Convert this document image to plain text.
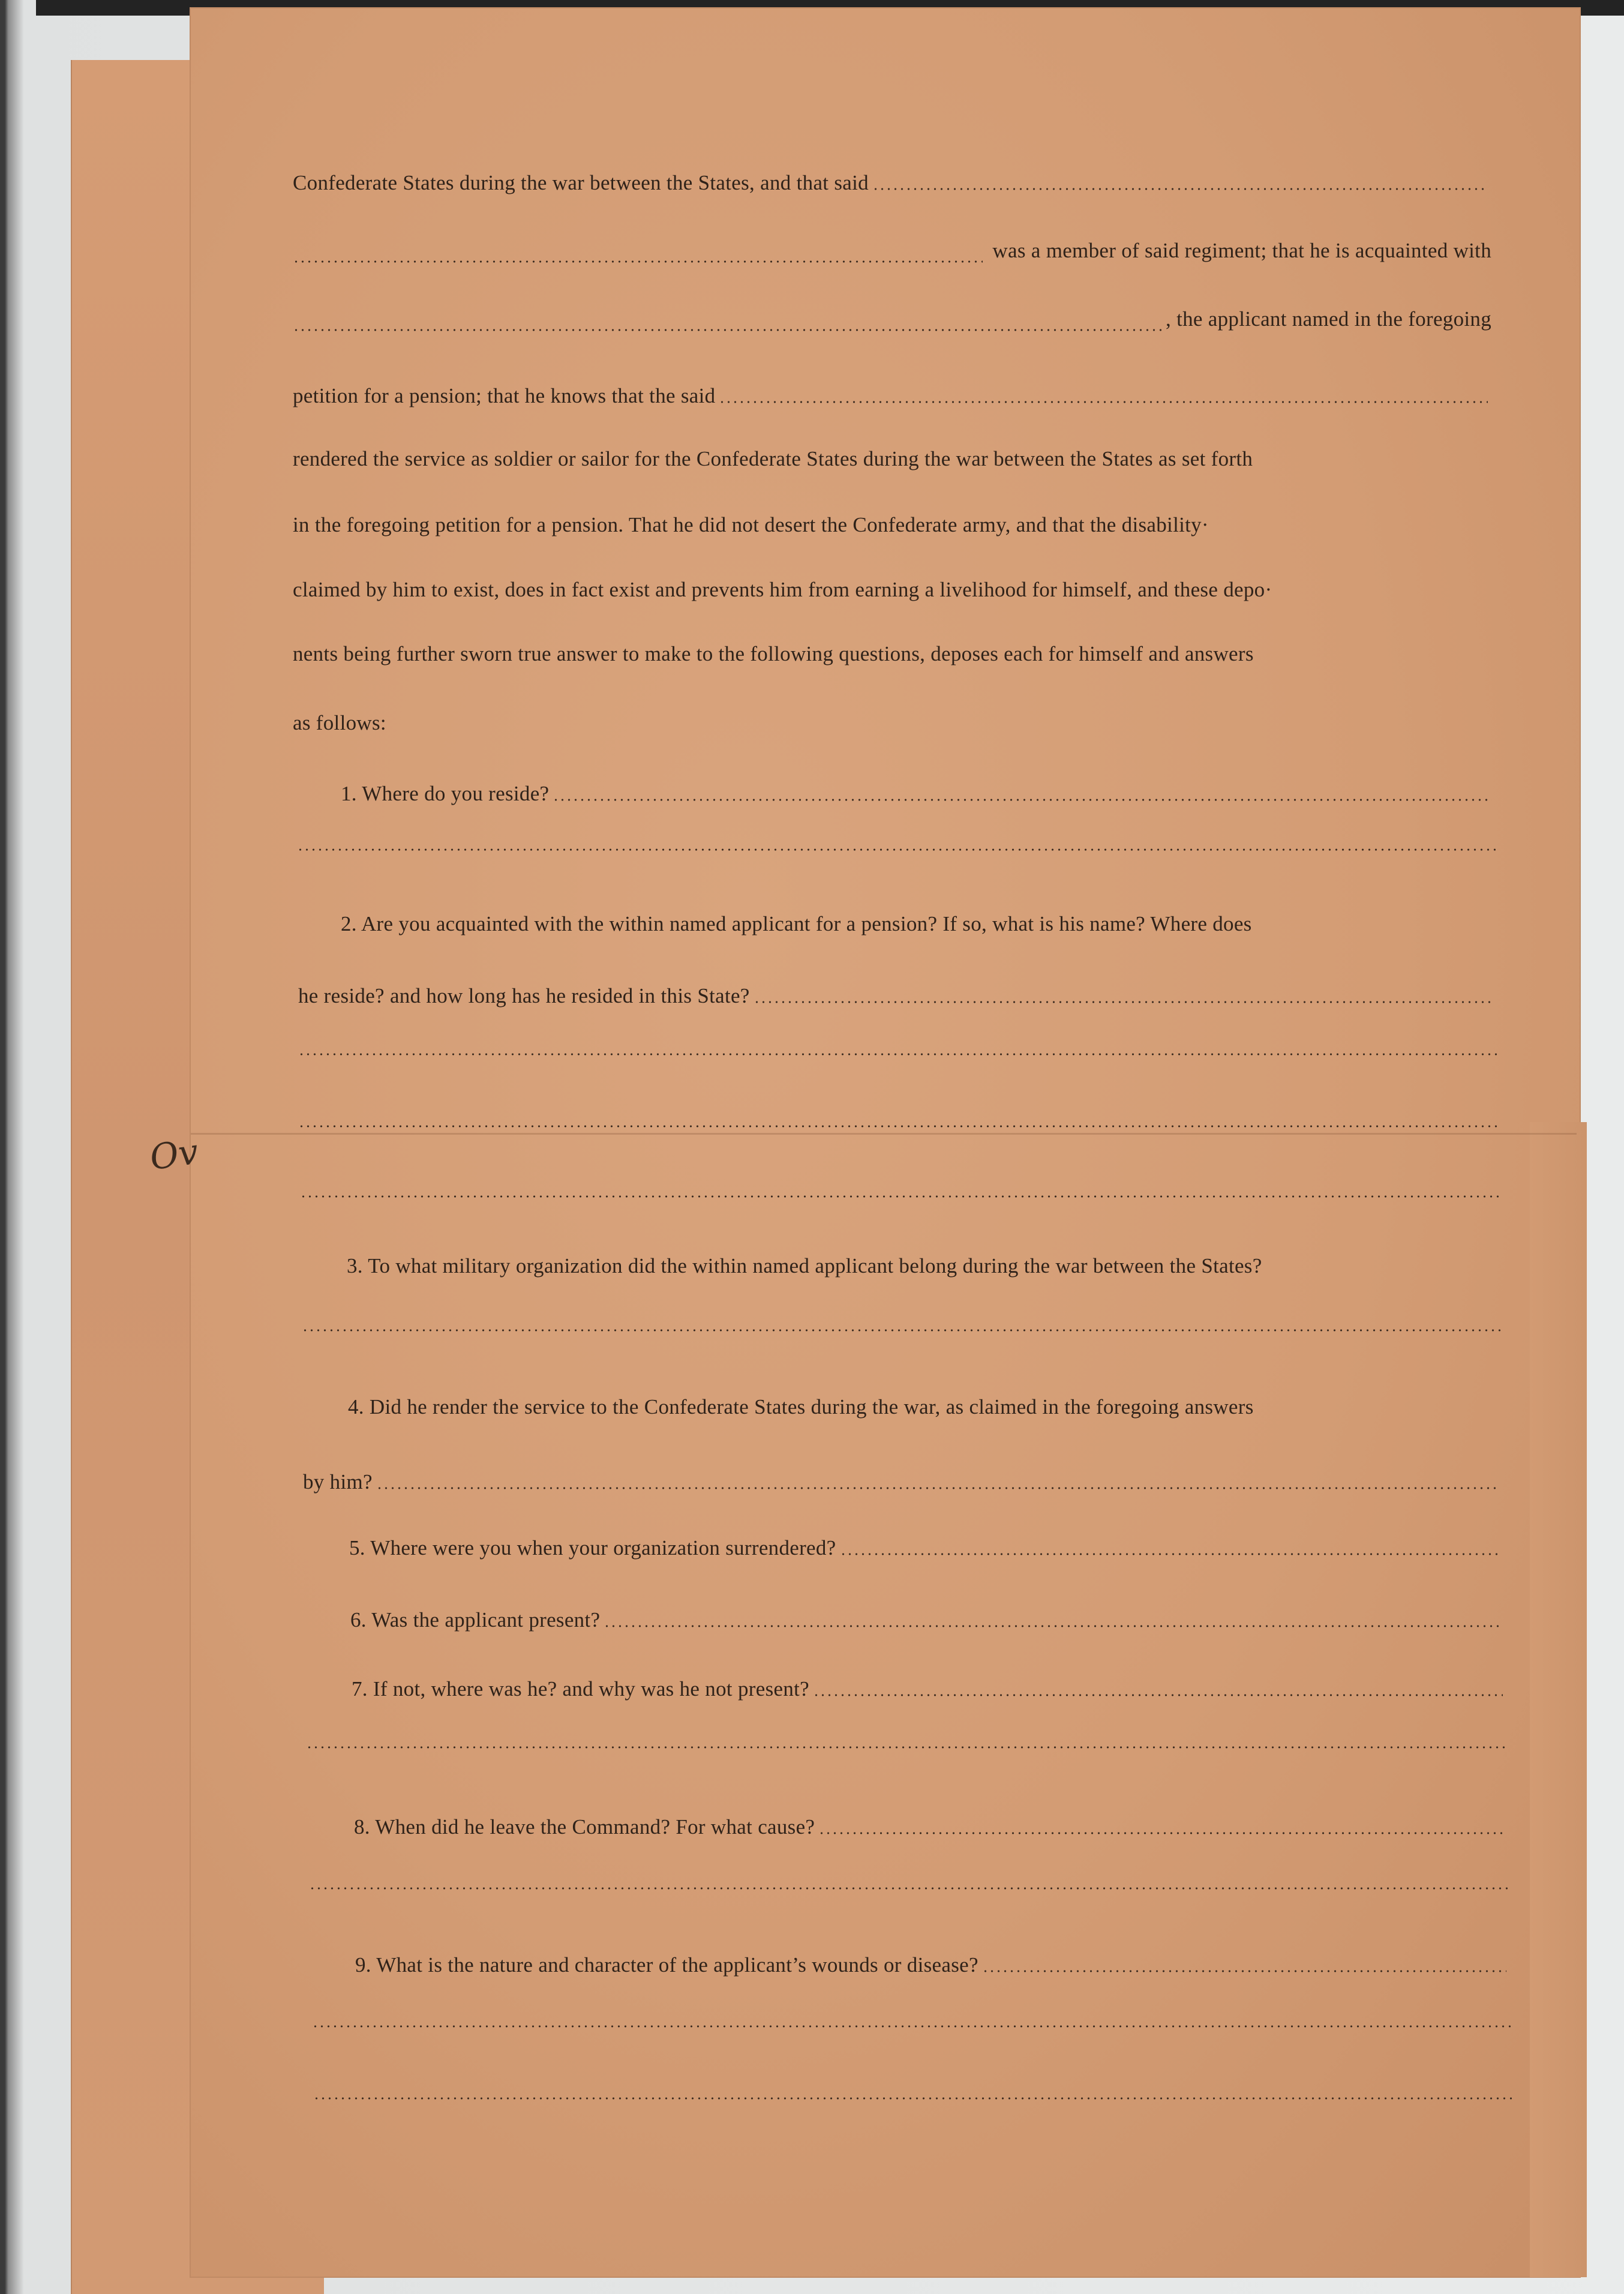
Ov
Confederate States during the war between the States, and that said
was a member of said regiment; that he is acquainted with
, the applicant named in the foregoing
petition for a pension; that he knows that the said
rendered the service as soldier or sailor for the Confederate States during the war between the States as set forth
in the foregoing petition for a pension. That he did not desert the Confederate army, and that the disability·
claimed by him to exist, does in fact exist and prevents him from earning a livelihood for himself, and these depo·
nents being further sworn true answer to make to the following questions, deposes each for himself and answers
as follows:
1. Where do you reside?
2. Are you acquainted with the within named applicant for a pension? If so, what is his name? Where does
he reside? and how long has he resided in this State?
3. To what military organization did the within named applicant belong during the war between the States?
4. Did he render the service to the Confederate States during the war, as claimed in the foregoing answers
by him?
5. Where were you when your organization surrendered?
6. Was the applicant present?
7. If not, where was he? and why was he not present?
8. When did he leave the Command? For what cause?
9. What is the nature and character of the applicant’s wounds or disease?
